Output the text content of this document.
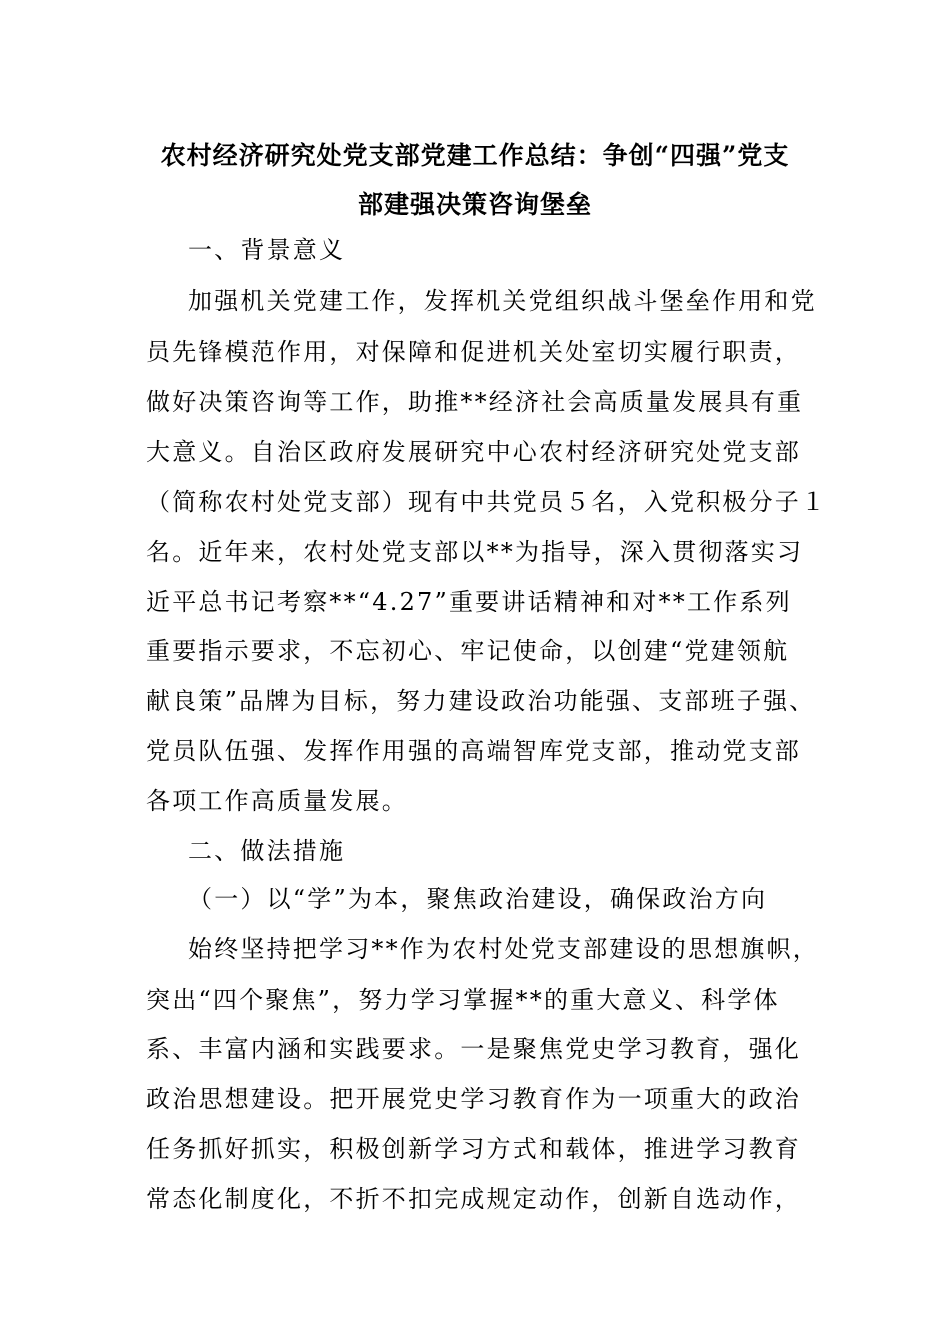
农村经济研究处党支部党建工作总结：争创“四强”党支
部建强决策咨询堡垒
一、背景意义
加强机关党建工作，发挥机关党组织战斗堡垒作用和党
员先锋模范作用，对保障和促进机关处室切实履行职责，
做好决策咨询等工作，助推**经济社会高质量发展具有重
大意义。自治区政府发展研究中心农村经济研究处党支部
（简称农村处党支部）现有中共党员５名，入党积极分子１
名。近年来，农村处党支部以**为指导，深入贯彻落实习
近平总书记考察**“4.27”重要讲话精神和对**工作系列
重要指示要求，不忘初心、牢记使命，以创建“党建领航
献良策”品牌为目标，努力建设政治功能强、支部班子强、
党员队伍强、发挥作用强的高端智库党支部，推动党支部
各项工作高质量发展。
二、做法措施
（一）以“学”为本，聚焦政治建设，确保政治方向
始终坚持把学习**作为农村处党支部建设的思想旗帜，
突出“四个聚焦”，努力学习掌握**的重大意义、科学体
系、丰富内涵和实践要求。一是聚焦党史学习教育，强化
政治思想建设。把开展党史学习教育作为一项重大的政治
任务抓好抓实，积极创新学习方式和载体，推进学习教育
常态化制度化，不折不扣完成规定动作，创新自选动作，
